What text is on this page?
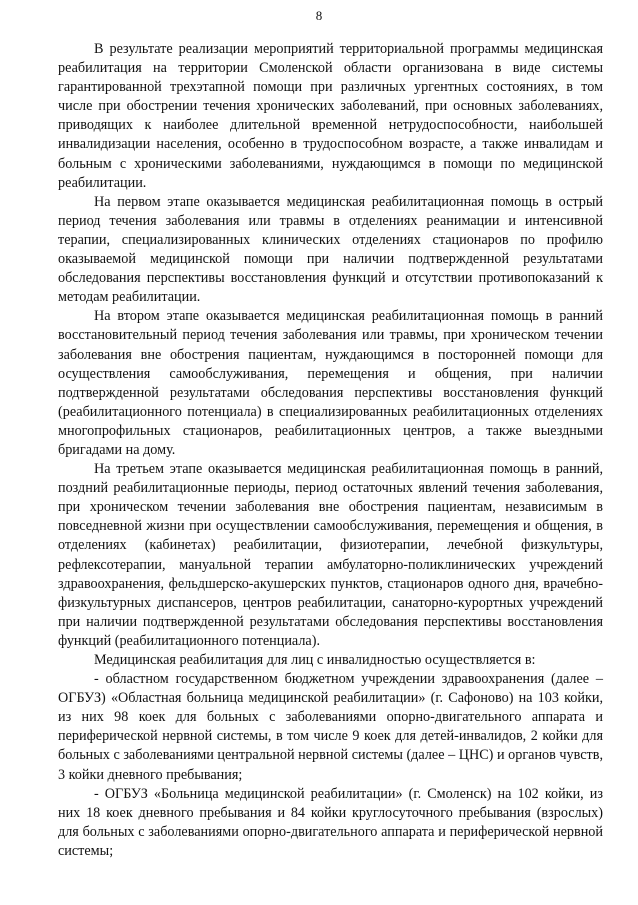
8

В результате реализации мероприятий территориальной программы медицинская реабилитация на территории Смоленской области организована в виде системы гарантированной трехэтапной помощи при различных ургентных состояниях, в том числе при обострении течения хронических заболеваний, при основных заболеваниях, приводящих к наиболее длительной временной нетрудоспособности, наибольшей инвалидизации населения, особенно в трудоспособном возрасте, а также инвалидам и больным с хроническими заболеваниями, нуждающимся в помощи по медицинской реабилитации.

На первом этапе оказывается медицинская реабилитационная помощь в острый период течения заболевания или травмы в отделениях реанимации и интенсивной терапии, специализированных клинических отделениях стационаров по профилю оказываемой медицинской помощи при наличии подтвержденной результатами обследования перспективы восстановления функций и отсутствии противопоказаний к методам реабилитации.

На втором этапе оказывается медицинская реабилитационная помощь в ранний восстановительный период течения заболевания или травмы, при хроническом течении заболевания вне обострения пациентам, нуждающимся в посторонней помощи для осуществления самообслуживания, перемещения и общения, при наличии подтвержденной результатами обследования перспективы восстановления функций (реабилитационного потенциала) в специализированных реабилитационных отделениях многопрофильных стационаров, реабилитационных центров, а также выездными бригадами на дому.

На третьем этапе оказывается медицинская реабилитационная помощь в ранний, поздний реабилитационные периоды, период остаточных явлений течения заболевания, при хроническом течении заболевания вне обострения пациентам, независимым в повседневной жизни при осуществлении самообслуживания, перемещения и общения, в отделениях (кабинетах) реабилитации, физиотерапии, лечебной физкультуры, рефлексотерапии, мануальной терапии амбулаторно-поликлинических учреждений здравоохранения, фельдшерско-акушерских пунктов, стационаров одного дня, врачебно-физкультурных диспансеров, центров реабилитации, санаторно-курортных учреждений при наличии подтвержденной результатами обследования перспективы восстановления функций (реабилитационного потенциала).

Медицинская реабилитация для лиц с инвалидностью осуществляется в:

- областном государственном бюджетном учреждении здравоохранения (далее – ОГБУЗ) «Областная больница медицинской реабилитации» (г. Сафоново) на 103 койки, из них 98 коек для больных с заболеваниями опорно-двигательного аппарата и периферической нервной системы, в том числе 9 коек для детей-инвалидов, 2 койки для больных с заболеваниями центральной нервной системы (далее – ЦНС) и органов чувств, 3 койки дневного пребывания;

- ОГБУЗ «Больница медицинской реабилитации» (г. Смоленск) на 102 койки, из них 18 коек дневного пребывания и 84 койки круглосуточного пребывания (взрослых) для больных с заболеваниями опорно-двигательного аппарата и периферической нервной системы;
